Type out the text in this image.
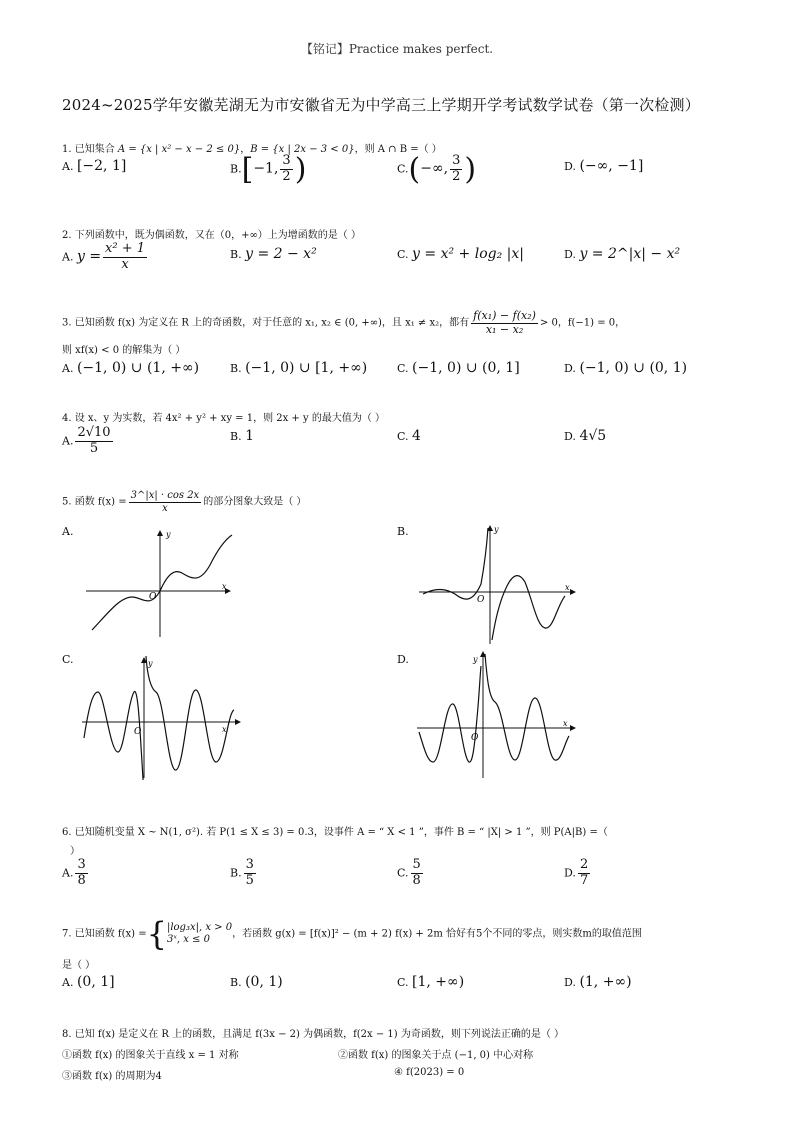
【铭记】Practice makes perfect.
2024~2025学年安徽芜湖无为市安徽省无为中学高三上学期开学考试数学试卷（第一次检测）
1. 已知集合 A = {x | x² − x − 2 ≤ 0}，B = {x | 2x − 3 < 0}，则 A ∩ B =（ ）
A. [−2, 1]	B.[−1, $\frac{3}{2}$ )	C.(−∞, $\frac{3}{2}$ )	D. (−∞, −1]
2. 下列函数中，既为偶函数，又在（0，+∞）上为增函数的是（ ）
A. $y = \frac{\text{x² + 1}}{x}$	B. y = 2 − x²	C. y = x² + log₂ |x|	D. y = 2^|x| − x²
3. 已知函数 f(x) 为定义在 R 上的奇函数，对于任意的 x₁, x₂ ∈ (0, +∞)，且 x₁ ≠ x₂，都有 $\frac{\text{f(x₁) − f(x₂)}}{\text{x₁ − x₂}} > 0$，f(−1) = 0，
则 xf(x) < 0 的解集为（ ）
A. (−1, 0) ∪ (1, +∞)	B. (−1, 0) ∪ [1, +∞)	C. (−1, 0) ∪ (0, 1]	D. (−1, 0) ∪ (0, 1)
4. 设 x、y 为实数，若 4x² + y² + xy = 1，则 2x + y 的最大值为（ ）
A. $\frac{2√10}{5}$	B. 1	C. 4	D. 4√5
5. 函数 $f(x) = \frac{3\^{}|x| \cdot \cos 2x}{x}$ 的部分图象大致是（ ）
A.	B.
C.	D.
y
x
O
y
x
O
y
x
O
y
x
O
6. 已知随机变量 X ~ N(1, σ²). 若 P(1 ≤ X ≤ 3) = 0.3，设事件 A = “ X < 1 ”，事件 B = “ |X| > 1 ”，则 P(A|B) =（
）
A. $\frac{3}{8}$	B. $\frac{3}{5}$	C. $\frac{5}{8}$	D. $\frac{2}{7}$
7. 已知函数 f(x) ={ |log₃x|, x > 0
3ˣ, x ≤ 0	，若函数 g(x) = [f(x)]² − (m + 2) f(x) + 2m 恰好有5个不同的零点，则实数m的取值范围
是（ ）
A. (0, 1]	B. (0, 1)	C. [1, +∞)	D. (1, +∞)
8. 已知 f(x) 是定义在 R 上的函数，且满足 f(3x − 2) 为偶函数，f(2x − 1) 为奇函数，则下列说法正确的是（ ）
①函数 f(x) 的图象关于直线 x = 1 对称	②函数 f(x) 的图象关于点 (−1, 0) 中心对称
③函数 f(x) 的周期为4	④ f(2023) = 0
